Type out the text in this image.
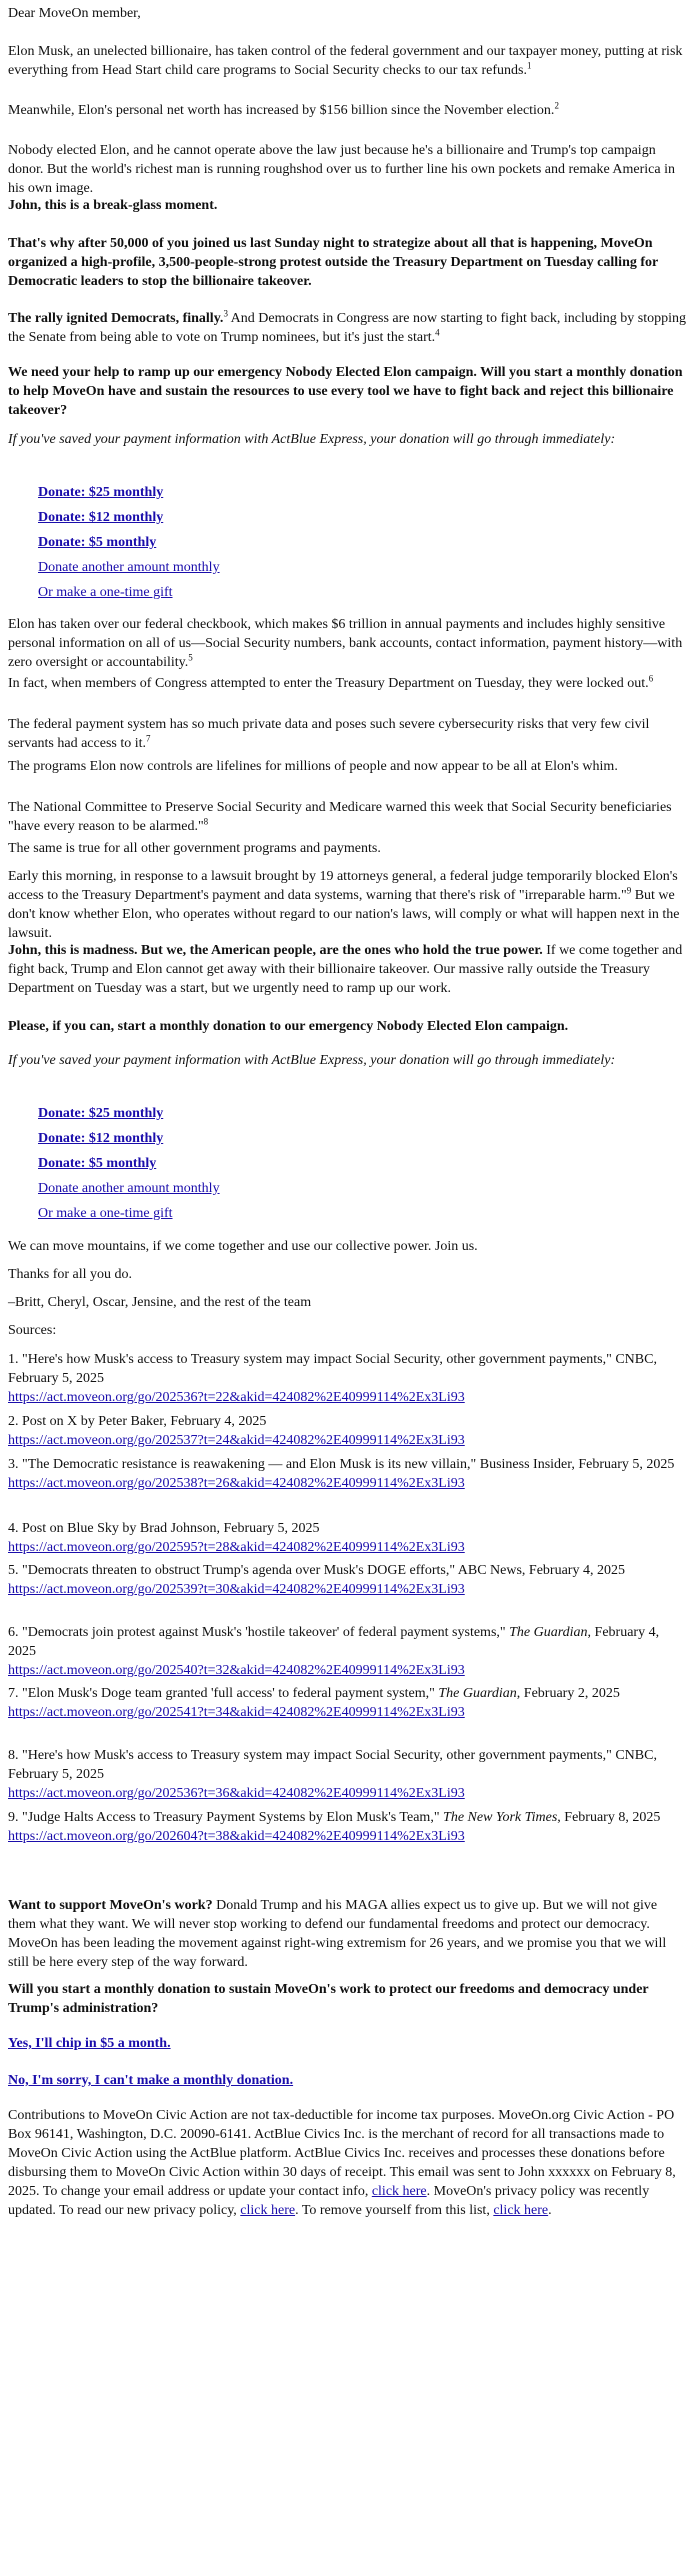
Dear MoveOn member,

Elon Musk, an unelected billionaire, has taken control of the federal government and our taxpayer money, putting at risk everything from Head Start child care programs to Social Security checks to our tax refunds.$^1$

Meanwhile, Elon's personal net worth has increased by $156 billion since the November election.$^2$

Nobody elected Elon, and he cannot operate above the law just because he's a billionaire and Trump's top campaign donor. But the world's richest man is running roughshod over us to further line his own pockets and remake America in his own image.

John, this is a break-glass moment.

That's why after 50,000 of you joined us last Sunday night to strategize about all that is happening, MoveOn organized a high-profile, 3,500-people-strong protest outside the Treasury Department on Tuesday calling for Democratic leaders to stop the billionaire takeover.

The rally ignited Democrats, finally.$^3$ And Democrats in Congress are now starting to fight back, including by stopping the Senate from being able to vote on Trump nominees, but it's just the start.$^4$

We need your help to ramp up our emergency Nobody Elected Elon campaign. Will you start a monthly donation to help MoveOn have and sustain the resources to use every tool we have to fight back and reject this billionaire takeover?

If you've saved your payment information with ActBlue Express, your donation will go through immediately:

Donate: $25 monthly
Donate: $12 monthly
Donate: $5 monthly
Donate another amount monthly
Or make a one-time gift

Elon has taken over our federal checkbook, which makes $6 trillion in annual payments and includes highly sensitive personal information on all of us—Social Security numbers, bank accounts, contact information, payment history—with zero oversight or accountability.$^5$

In fact, when members of Congress attempted to enter the Treasury Department on Tuesday, they were locked out.$^6$

The federal payment system has so much private data and poses such severe cybersecurity risks that very few civil servants had access to it.$^7$

The programs Elon now controls are lifelines for millions of people and now appear to be all at Elon's whim.

The National Committee to Preserve Social Security and Medicare warned this week that Social Security beneficiaries "have every reason to be alarmed."$^8$

The same is true for all other government programs and payments.

Early this morning, in response to a lawsuit brought by 19 attorneys general, a federal judge temporarily blocked Elon's access to the Treasury Department's payment and data systems, warning that there's risk of "irreparable harm."$^9$ But we don't know whether Elon, who operates without regard to our nation's laws, will comply or what will happen next in the lawsuit.

John, this is madness. But we, the American people, are the ones who hold the true power. If we come together and fight back, Trump and Elon cannot get away with their billionaire takeover. Our massive rally outside the Treasury Department on Tuesday was a start, but we urgently need to ramp up our work.

Please, if you can, start a monthly donation to our emergency Nobody Elected Elon campaign.

If you've saved your payment information with ActBlue Express, your donation will go through immediately:

Donate: $25 monthly
Donate: $12 monthly
Donate: $5 monthly
Donate another amount monthly
Or make a one-time gift

We can move mountains, if we come together and use our collective power. Join us.

Thanks for all you do.

–Britt, Cheryl, Oscar, Jensine, and the rest of the team

Sources:

1. "Here's how Musk's access to Treasury system may impact Social Security, other government payments," CNBC, February 5, 2025
https://act.moveon.org/go/202536?t=22&akid=424082%2E40999114%2Ex3Li93

2. Post on X by Peter Baker, February 4, 2025
https://act.moveon.org/go/202537?t=24&akid=424082%2E40999114%2Ex3Li93

3. "The Democratic resistance is reawakening — and Elon Musk is its new villain," Business Insider, February 5, 2025
https://act.moveon.org/go/202538?t=26&akid=424082%2E40999114%2Ex3Li93

4. Post on Blue Sky by Brad Johnson, February 5, 2025
https://act.moveon.org/go/202595?t=28&akid=424082%2E40999114%2Ex3Li93

5. "Democrats threaten to obstruct Trump's agenda over Musk's DOGE efforts," ABC News, February 4, 2025
https://act.moveon.org/go/202539?t=30&akid=424082%2E40999114%2Ex3Li93

6. "Democrats join protest against Musk's 'hostile takeover' of federal payment systems," The Guardian, February 4, 2025
https://act.moveon.org/go/202540?t=32&akid=424082%2E40999114%2Ex3Li93

7. "Elon Musk's Doge team granted 'full access' to federal payment system," The Guardian, February 2, 2025
https://act.moveon.org/go/202541?t=34&akid=424082%2E40999114%2Ex3Li93

8. "Here's how Musk's access to Treasury system may impact Social Security, other government payments," CNBC, February 5, 2025
https://act.moveon.org/go/202536?t=36&akid=424082%2E40999114%2Ex3Li93

9. "Judge Halts Access to Treasury Payment Systems by Elon Musk's Team," The New York Times, February 8, 2025
https://act.moveon.org/go/202604?t=38&akid=424082%2E40999114%2Ex3Li93

Want to support MoveOn's work? Donald Trump and his MAGA allies expect us to give up. But we will not give them what they want. We will never stop working to defend our fundamental freedoms and protect our democracy. MoveOn has been leading the movement against right-wing extremism for 26 years, and we promise you that we will still be here every step of the way forward.

Will you start a monthly donation to sustain MoveOn's work to protect our freedoms and democracy under Trump's administration?

Yes, I'll chip in $5 a month.

No, I'm sorry, I can't make a monthly donation.

Contributions to MoveOn Civic Action are not tax-deductible for income tax purposes. MoveOn.org Civic Action - PO Box 96141, Washington, D.C. 20090-6141. ActBlue Civics Inc. is the merchant of record for all transactions made to MoveOn Civic Action using the ActBlue platform. ActBlue Civics Inc. receives and processes these donations before disbursing them to MoveOn Civic Action within 30 days of receipt. This email was sent to John xxxxxx on February 8, 2025. To change your email address or update your contact info, click here. MoveOn's privacy policy was recently updated. To read our new privacy policy, click here. To remove yourself from this list, click here.
